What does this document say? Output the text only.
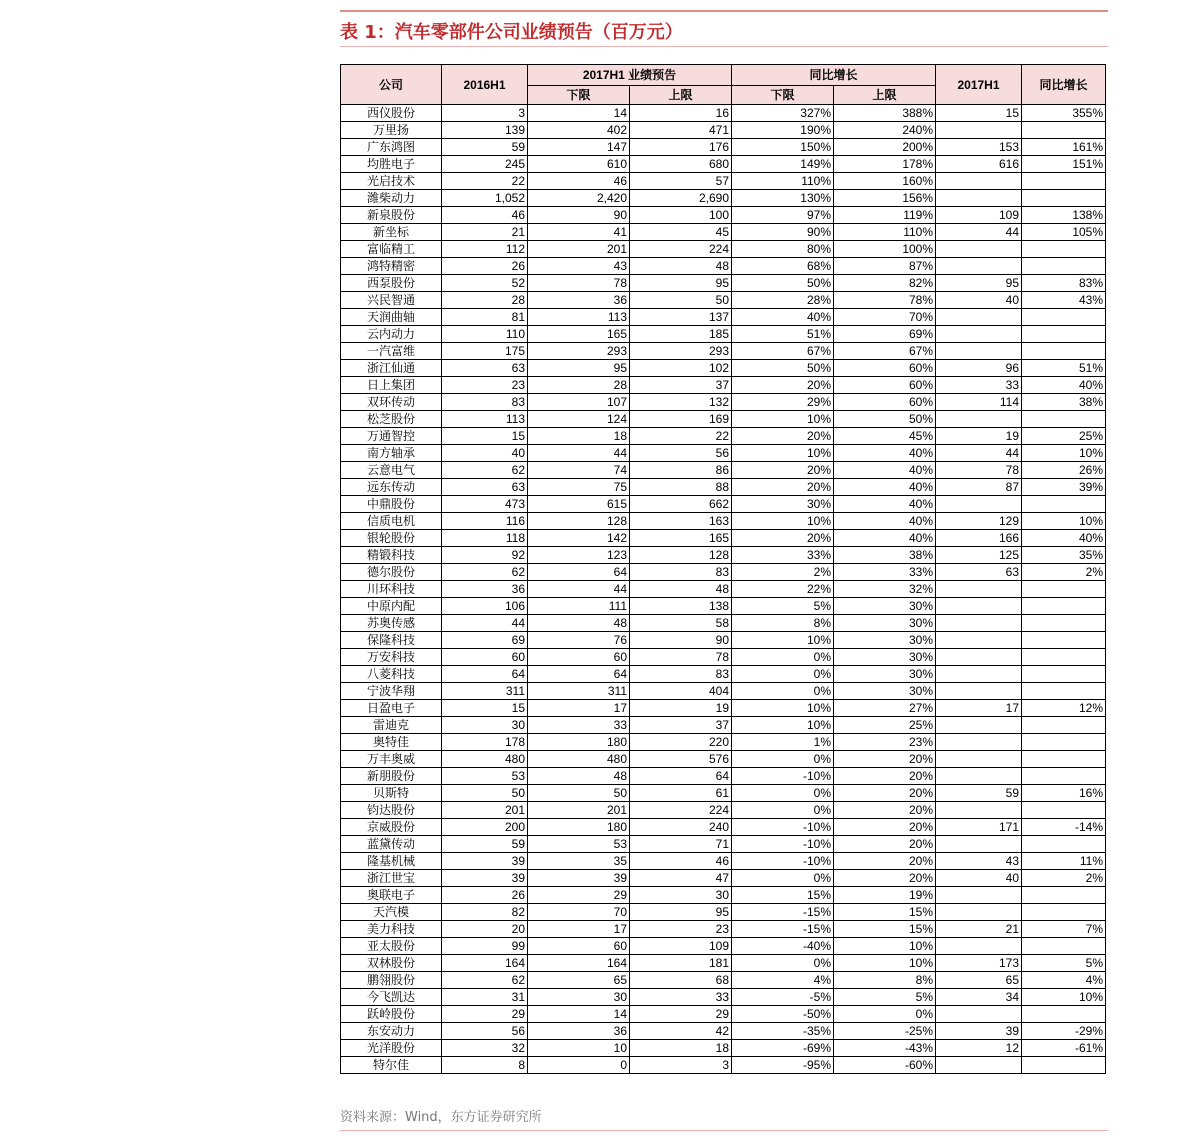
表 1：汽车零部件公司业绩预告（百万元）
公司	2016H1	2017H1 业绩预告		同比增长		2017H1	同比增长
		下限	上限	下限	上限		
西仪股份	3	14	16	327%	388%	15	355%
万里扬	139	402	471	190%	240%		
广东鸿图	59	147	176	150%	200%	153	161%
均胜电子	245	610	680	149%	178%	616	151%
光启技术	22	46	57	110%	160%		
潍柴动力	1,052	2,420	2,690	130%	156%		
新泉股份	46	90	100	97%	119%	109	138%
新坐标	21	41	45	90%	110%	44	105%
富临精工	112	201	224	80%	100%		
鸿特精密	26	43	48	68%	87%		
西泵股份	52	78	95	50%	82%	95	83%
兴民智通	28	36	50	28%	78%	40	43%
天润曲轴	81	113	137	40%	70%		
云内动力	110	165	185	51%	69%		
一汽富维	175	293	293	67%	67%		
浙江仙通	63	95	102	50%	60%	96	51%
日上集团	23	28	37	20%	60%	33	40%
双环传动	83	107	132	29%	60%	114	38%
松芝股份	113	124	169	10%	50%		
万通智控	15	18	22	20%	45%	19	25%
南方轴承	40	44	56	10%	40%	44	10%
云意电气	62	74	86	20%	40%	78	26%
远东传动	63	75	88	20%	40%	87	39%
中鼎股份	473	615	662	30%	40%		
信质电机	116	128	163	10%	40%	129	10%
银轮股份	118	142	165	20%	40%	166	40%
精锻科技	92	123	128	33%	38%	125	35%
德尔股份	62	64	83	2%	33%	63	2%
川环科技	36	44	48	22%	32%		
中原内配	106	111	138	5%	30%		
苏奥传感	44	48	58	8%	30%		
保隆科技	69	76	90	10%	30%		
万安科技	60	60	78	0%	30%		
八菱科技	64	64	83	0%	30%		
宁波华翔	311	311	404	0%	30%		
日盈电子	15	17	19	10%	27%	17	12%
雷迪克	30	33	37	10%	25%		
奥特佳	178	180	220	1%	23%		
万丰奥威	480	480	576	0%	20%		
新朋股份	53	48	64	-10%	20%		
贝斯特	50	50	61	0%	20%	59	16%
钧达股份	201	201	224	0%	20%		
京威股份	200	180	240	-10%	20%	171	-14%
蓝黛传动	59	53	71	-10%	20%		
隆基机械	39	35	46	-10%	20%	43	11%
浙江世宝	39	39	47	0%	20%	40	2%
奥联电子	26	29	30	15%	19%		
天汽模	82	70	95	-15%	15%		
美力科技	20	17	23	-15%	15%	21	7%
亚太股份	99	60	109	-40%	10%		
双林股份	164	164	181	0%	10%	173	5%
鹏翎股份	62	65	68	4%	8%	65	4%
今飞凯达	31	30	33	-5%	5%	34	10%
跃岭股份	29	14	29	-50%	0%		
东安动力	56	36	42	-35%	-25%	39	-29%
光洋股份	32	10	18	-69%	-43%	12	-61%
特尔佳	8	0	3	-95%	-60%		
资料来源：Wind，东方证券研究所
